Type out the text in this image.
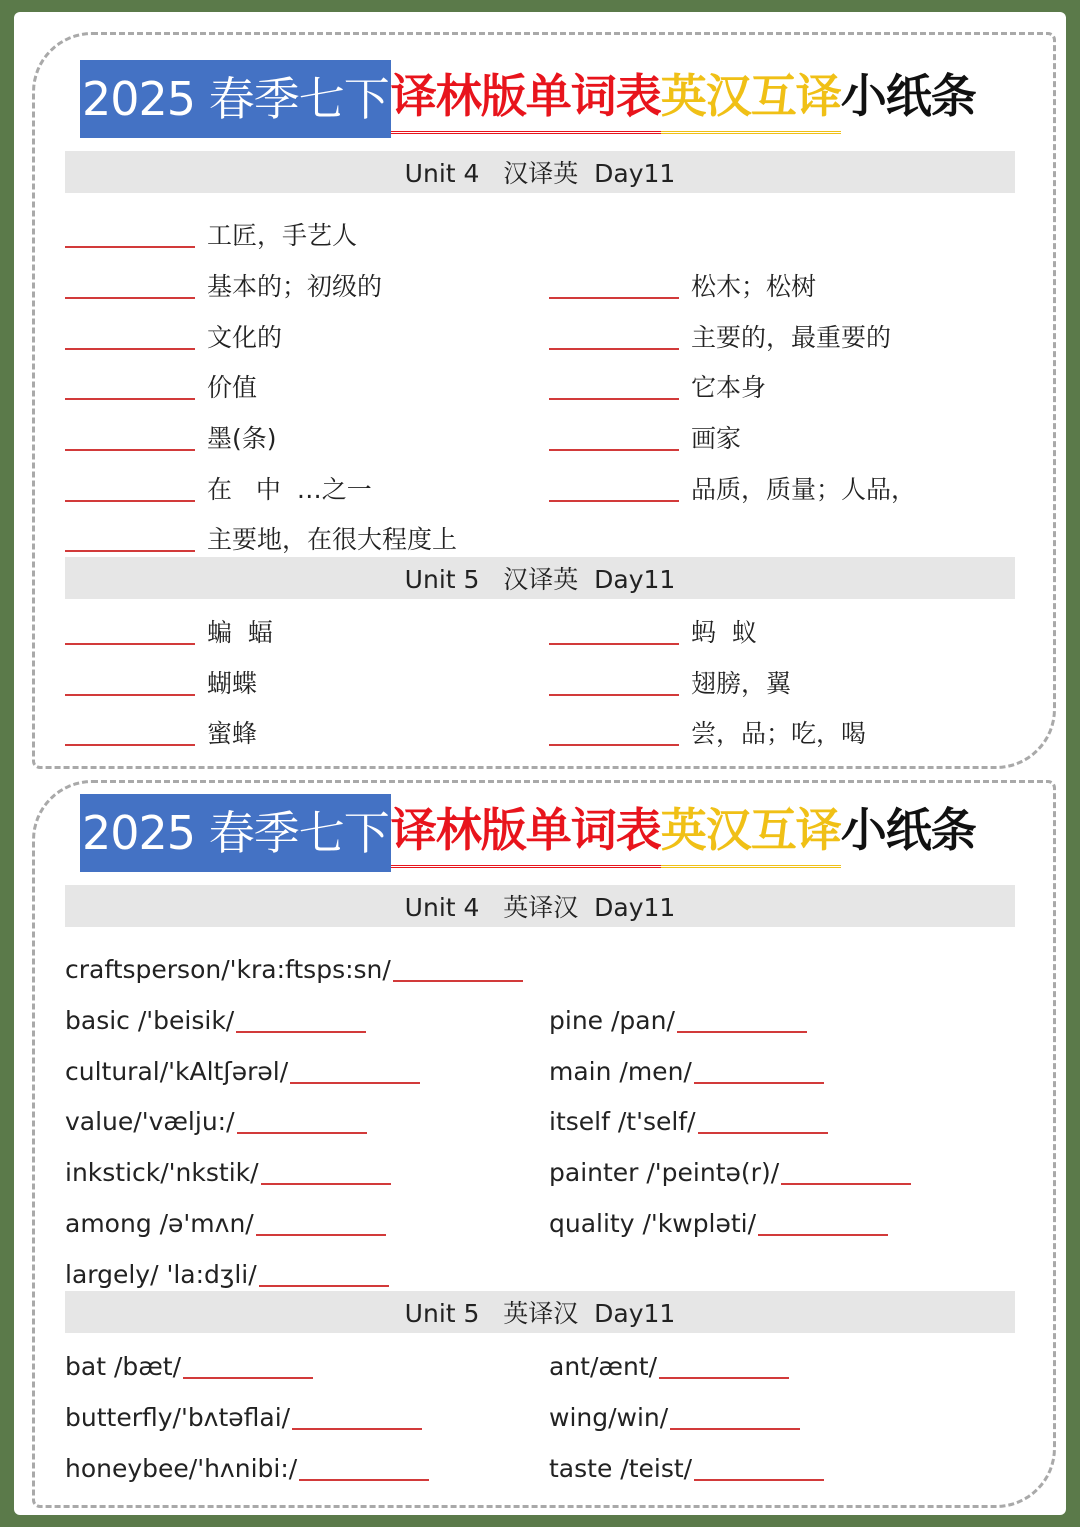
2025 春季七下 译林版单词表 英汉互译 小纸条
Unit 4   汉译英  Day11
工匠，手艺人
基本的；初级的	松木；松树
文化的	主要的，最重要的
价值	它本身
墨(条)	画家
在   中  …之一	品质，质量；人品，
主要地，在很大程度上
Unit 5   汉译英  Day11
蝙  蝠	蚂  蚁
蝴蝶	翅膀，翼
蜜蜂	尝，品；吃，喝
2025 春季七下 译林版单词表 英汉互译 小纸条
Unit 4   英译汉  Day11
craftsperson/'kra:ftsps:sn/
basic /'beisik/	pine /pan/
cultural/'kAltʃərəl/	main /men/
value/'vælju:/	itself /t'self/
inkstick/'nkstik/	painter /'peintə(r)/
among /ə'mʌn/	quality /'kwpləti/
largely/ 'la:dʒli/
Unit 5   英译汉  Day11
bat /bæt/	ant/ænt/
butterfly/'bʌtəflai/	wing/win/
honeybee/'hʌnibi:/	taste /teist/
